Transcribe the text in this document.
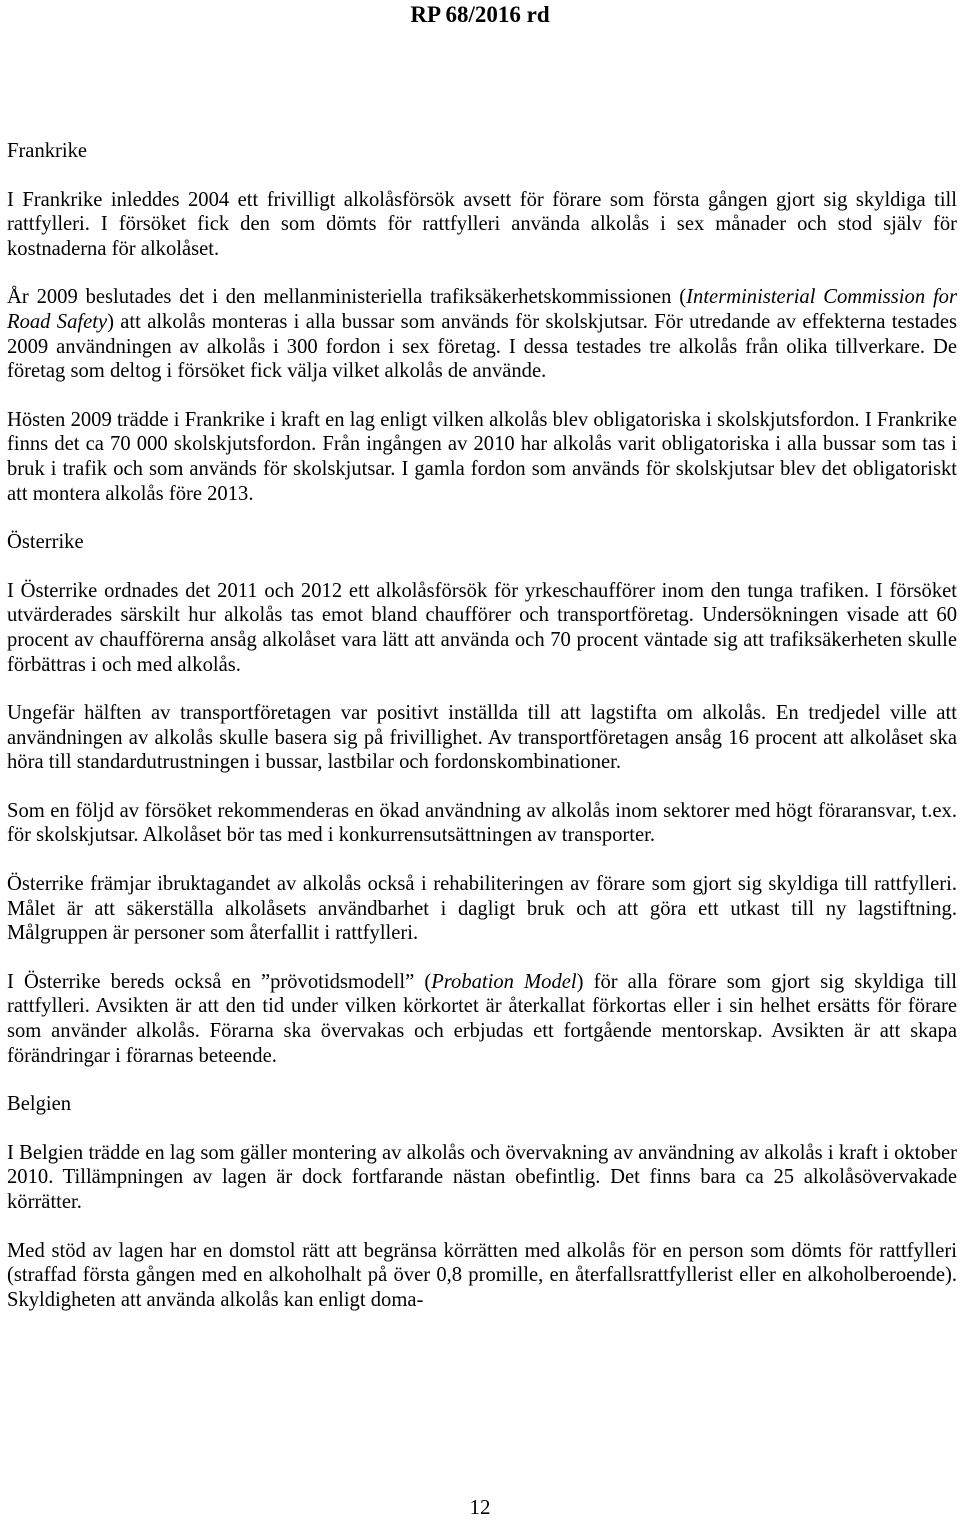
RP 68/2016 rd
Frankrike
I Frankrike inleddes 2004 ett frivilligt alkolåsförsök avsett för förare som första gången gjort sig skyldiga till rattfylleri. I försöket fick den som dömts för rattfylleri använda alkolås i sex månader och stod själv för kostnaderna för alkolåset.
År 2009 beslutades det i den mellanministeriella trafiksäkerhetskommissionen (Interministerial Commission for Road Safety) att alkolås monteras i alla bussar som används för skolskjutsar. För utredande av effekterna testades 2009 användningen av alkolås i 300 fordon i sex företag. I dessa testades tre alkolås från olika tillverkare. De företag som deltog i försöket fick välja vilket alkolås de använde.
Hösten 2009 trädde i Frankrike i kraft en lag enligt vilken alkolås blev obligatoriska i skolskjutsfordon. I Frankrike finns det ca 70 000 skolskjutsfordon. Från ingången av 2010 har alkolås varit obligatoriska i alla bussar som tas i bruk i trafik och som används för skolskjutsar. I gamla fordon som används för skolskjutsar blev det obligatoriskt att montera alkolås före 2013.
Österrike
I Österrike ordnades det 2011 och 2012 ett alkolåsförsök för yrkeschaufförer inom den tunga trafiken. I försöket utvärderades särskilt hur alkolås tas emot bland chaufförer och transportföretag. Undersökningen visade att 60 procent av chaufförerna ansåg alkolåset vara lätt att använda och 70 procent väntade sig att trafiksäkerheten skulle förbättras i och med alkolås.
Ungefär hälften av transportföretagen var positivt inställda till att lagstifta om alkolås. En tredjedel ville att användningen av alkolås skulle basera sig på frivillighet. Av transportföretagen ansåg 16 procent att alkolåset ska höra till standardutrustningen i bussar, lastbilar och fordonskombinationer.
Som en följd av försöket rekommenderas en ökad användning av alkolås inom sektorer med högt föraransvar, t.ex. för skolskjutsar. Alkolåset bör tas med i konkurrensutsättningen av transporter.
Österrike främjar ibruktagandet av alkolås också i rehabiliteringen av förare som gjort sig skyldiga till rattfylleri. Målet är att säkerställa alkolåsets användbarhet i dagligt bruk och att göra ett utkast till ny lagstiftning. Målgruppen är personer som återfallit i rattfylleri.
I Österrike bereds också en ”prövotidsmodell” (Probation Model) för alla förare som gjort sig skyldiga till rattfylleri. Avsikten är att den tid under vilken körkortet är återkallat förkortas eller i sin helhet ersätts för förare som använder alkolås. Förarna ska övervakas och erbjudas ett fortgående mentorskap. Avsikten är att skapa förändringar i förarnas beteende.
Belgien
I Belgien trädde en lag som gäller montering av alkolås och övervakning av användning av alkolås i kraft i oktober 2010. Tillämpningen av lagen är dock fortfarande nästan obefintlig. Det finns bara ca 25 alkolåsövervakade körrätter.
Med stöd av lagen har en domstol rätt att begränsa körrätten med alkolås för en person som dömts för rattfylleri (straffad första gången med en alkoholhalt på över 0,8 promille, en återfallsrattfyllerist eller en alkoholberoende). Skyldigheten att använda alkolås kan enligt doma-
12
